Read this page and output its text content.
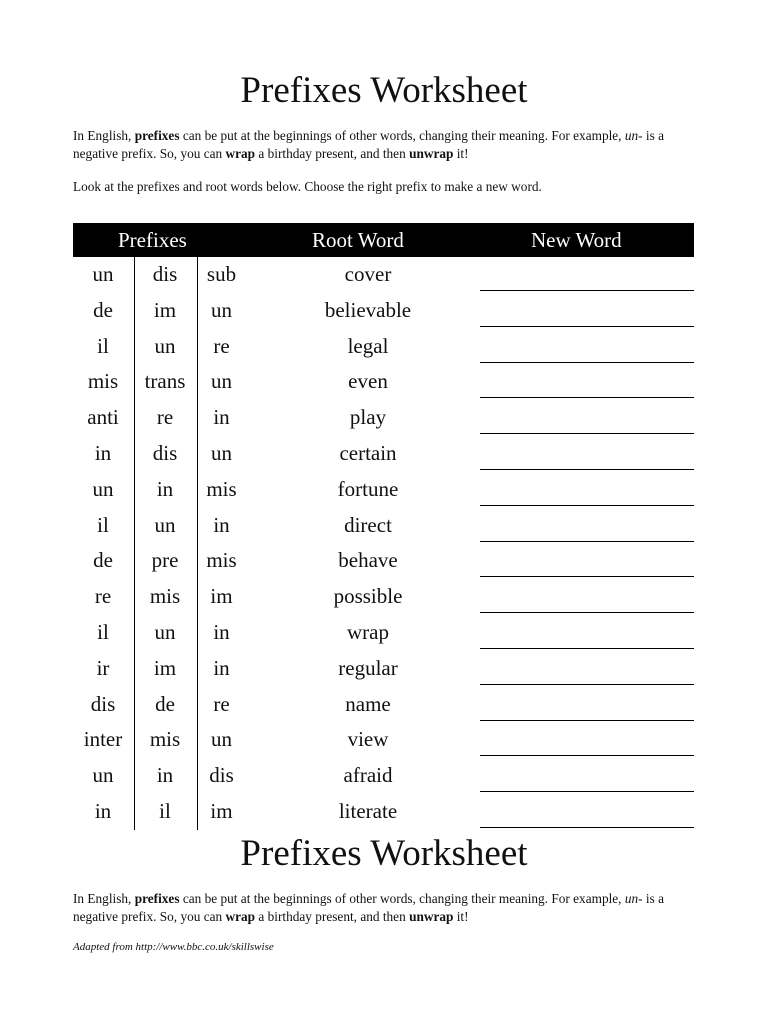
Prefixes Worksheet

In English, prefixes can be put at the beginnings of other words, changing their meaning. For example, un- is a negative prefix. So, you can wrap a birthday present, and then unwrap it!

Look at the prefixes and root words below. Choose the right prefix to make a new word.

Prefixes	Root Word	New Word
un	dis	sub	cover
de	im	un	believable
il	un	re	legal
mis	trans	un	even
anti	re	in	play
in	dis	un	certain
un	in	mis	fortune
il	un	in	direct
de	pre	mis	behave
re	mis	im	possible
il	un	in	wrap
ir	im	in	regular
dis	de	re	name
inter	mis	un	view
un	in	dis	afraid
in	il	im	literate
Prefixes Worksheet

In English, prefixes can be put at the beginnings of other words, changing their meaning. For example, un- is a negative prefix. So, you can wrap a birthday present, and then unwrap it!

Adapted from http://www.bbc.co.uk/skillswise
